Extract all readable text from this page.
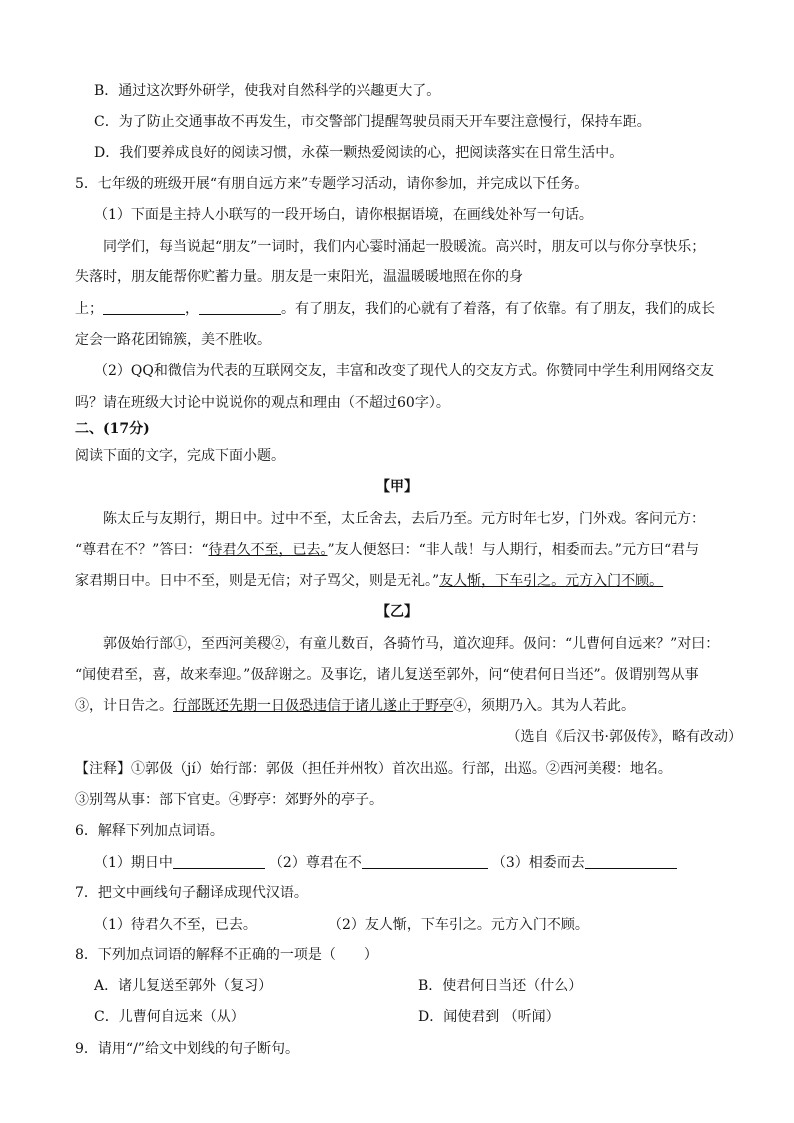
B．通过这次野外研学，使我对自然科学的兴趣更大了。
C．为了防止交通事故不再发生，市交警部门提醒驾驶员雨天开车要注意慢行，保持车距。
D．我们要养成良好的阅读习惯，永葆一颗热爱阅读的心，把阅读落实在日常生活中。
5．七年级的班级开展“有朋自远方来”专题学习活动，请你参加，并完成以下任务。
（1）下面是主持人小联写的一段开场白，请你根据语境，在画线处补写一句话。
同学们，每当说起“朋友”一词时，我们内心霎时涌起一股暖流。高兴时，朋友可以与你分享快乐；
失落时，朋友能帮你贮蓄力量。朋友是一束阳光，温温暖暖地照在你的身
上；	，	。有了朋友，我们的心就有了着落，有了依靠。有了朋友，我们的成长
定会一路花团锦簇，美不胜收。
（2）QQ和微信为代表的互联网交友，丰富和改变了现代人的交友方式。你赞同中学生利用网络交友
吗？请在班级大讨论中说说你的观点和理由（不超过60字）。
二、(17分)
阅读下面的文字，完成下面小题。
【甲】
陈太丘与友期行，期日中。过中不至，太丘舍去，去后乃至。元方时年七岁，门外戏。客问元方：
“尊君在不？”答曰：“待君久不至，已去。”友人便怒曰：“非人哉！与人期行，相委而去。”元方曰“君与
家君期日中。日中不至，则是无信；对子骂父，则是无礼。”友人惭，下车引之。元方入门不顾。
【乙】
郭伋始行部①，至西河美稷②，有童儿数百，各骑竹马，道次迎拜。伋问：“儿曹何自远来？”对曰：
“闻使君至，喜，故来奉迎。”伋辞谢之。及事讫，诸儿复送至郭外，问“使君何日当还”。伋谓别驾从事
③，计日告之。行部既还先期一日伋恐违信于诸儿遂止于野亭④，须期乃入。其为人若此。
（选自《后汉书·郭伋传》，略有改动）
【注释】①郭伋（jí）始行部：郭伋（担任并州牧）首次出巡。行部，出巡。②西河美稷：地名。
③别驾从事：部下官吏。④野亭：郊野外的亭子。
6．解释下列加点词语。
（1）期日中	（2）尊君在不	（3）相委而去
7．把文中画线句子翻译成现代汉语。
（1）待君久不至，已去。	（2）友人惭，下车引之。元方入门不顾。
8．下列加点词语的解释不正确的一项是（　　）
A．诸儿复送至郭外（复习）	B．使君何日当还（什么）
C．儿曹何自远来（从）	D．闻使君到 （听闻）
9．请用“/”给文中划线的句子断句。
